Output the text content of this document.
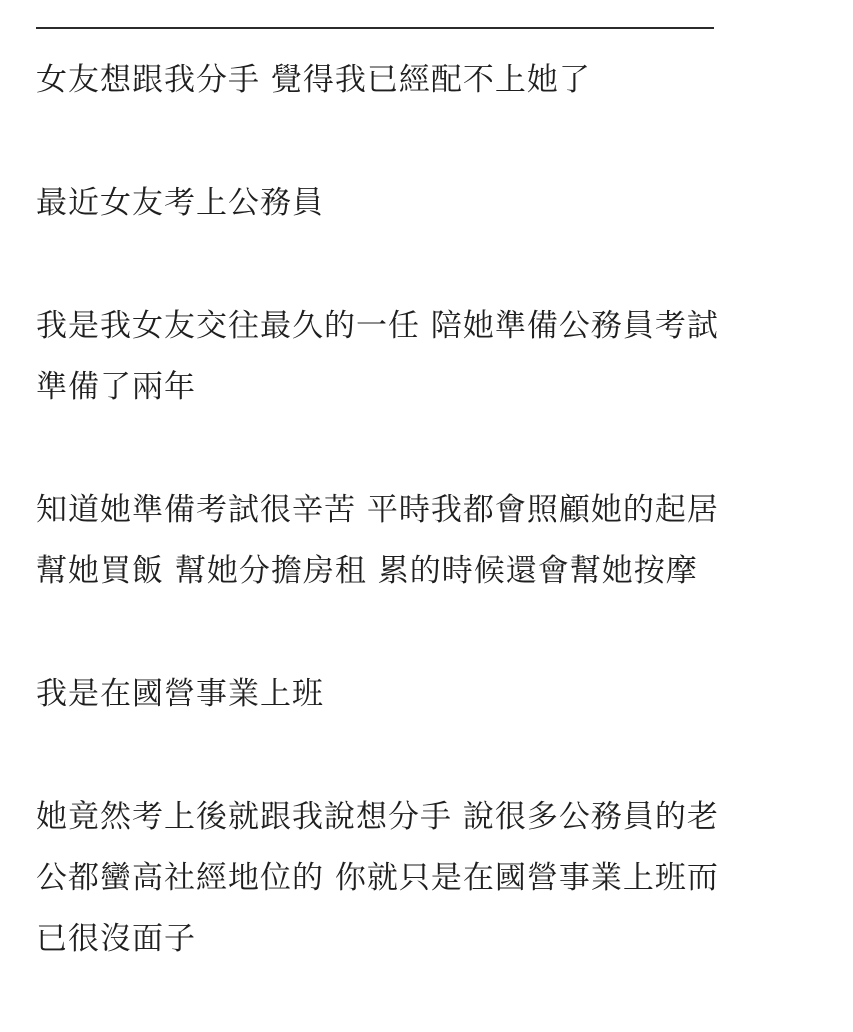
女友想跟我分手 覺得我已經配不上她了

最近女友考上公務員

我是我女友交往最久的一任 陪她準備公務員考試
準備了兩年

知道她準備考試很辛苦 平時我都會照顧她的起居
幫她買飯 幫她分擔房租 累的時候還會幫她按摩

我是在國營事業上班

她竟然考上後就跟我說想分手 說很多公務員的老
公都蠻高社經地位的 你就只是在國營事業上班而
已很沒面子
